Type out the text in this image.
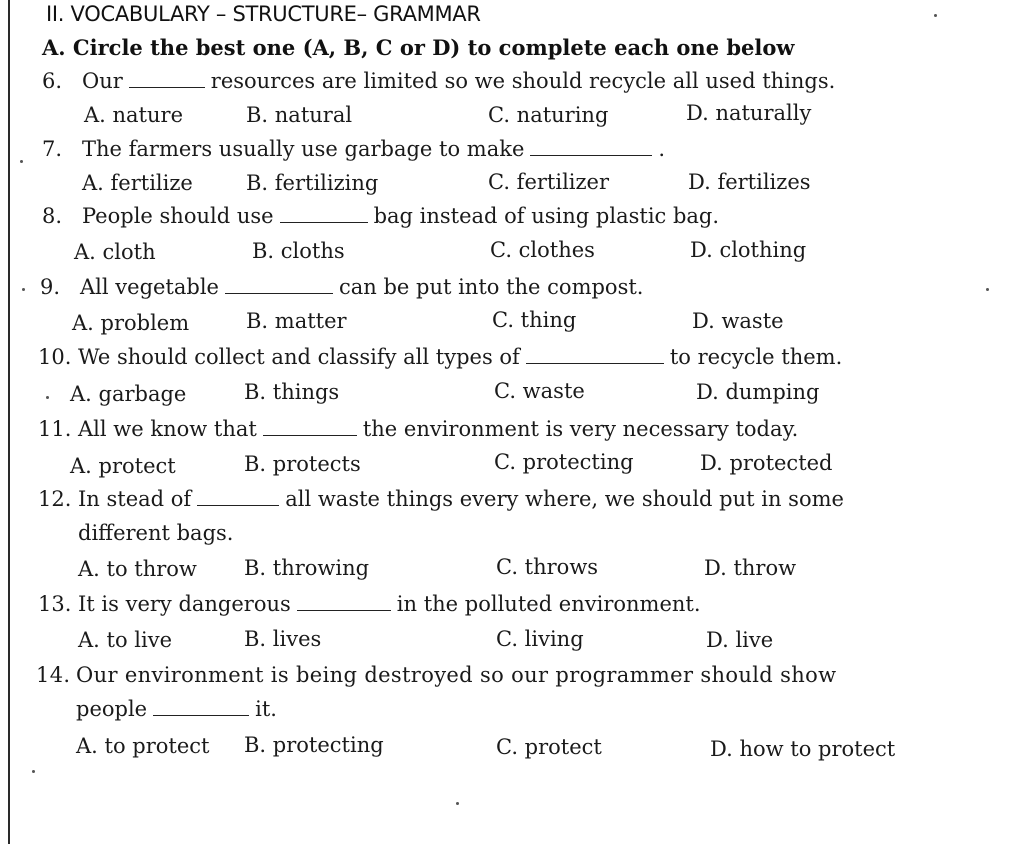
II. VOCABULARY – STRUCTURE– GRAMMAR
A. Circle the best one (A, B, C or D) to complete each one below
6. Our	resources are limited so we should recycle all used things.
A. nature	B. natural	C. naturing	D. naturally
7. The farmers usually use garbage to make	.
A. fertilize	B. fertilizing	C. fertilizer	D. fertilizes
8. People should use	bag instead of using plastic bag.
A. cloth	B. cloths	C. clothes	D. clothing
9. All vegetable	can be put into the compost.
A. problem	B. matter	C. thing	D. waste
10. We should collect and classify all types of	to recycle them.
A. garbage	B. things	C. waste	D. dumping
11. All we know that	the environment is very necessary today.
A. protect	B. protects	C. protecting	D. protected
12. In stead of	all waste things every where, we should put in some
different bags.
A. to throw B. throwing	C. throws	D. throw
13. It is very dangerous	in the polluted environment.
A. to live	B. lives	C. living	D. live
14. Our environment is being destroyed so our programmer should show
people	it.
A. to protect B. protecting	C. protect	D. how to protect
